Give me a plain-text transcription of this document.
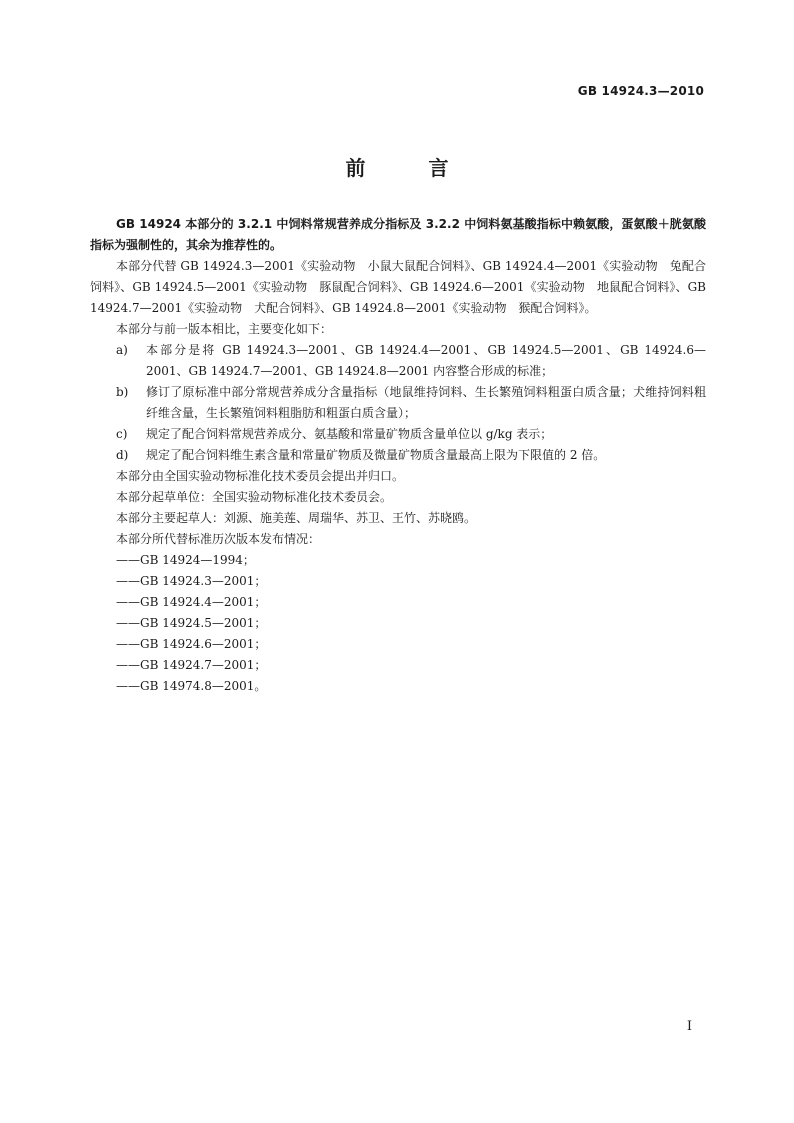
GB 14924.3—2010
前 言

GB 14924 本部分的 3.2.1 中饲料常规营养成分指标及 3.2.2 中饲料氨基酸指标中赖氨酸，蛋氨酸＋胱氨酸指标为强制性的，其余为推荐性的。

本部分代替 GB 14924.3—2001《实验动物　小鼠大鼠配合饲料》、GB 14924.4—2001《实验动物　兔配合饲料》、GB 14924.5—2001《实验动物　豚鼠配合饲料》、GB 14924.6—2001《实验动物　地鼠配合饲料》、GB 14924.7—2001《实验动物　犬配合饲料》、GB 14924.8—2001《实验动物　猴配合饲料》。

本部分与前一版本相比，主要变化如下：

a)	本部分是将 GB 14924.3—2001、GB 14924.4—2001、GB 14924.5—2001、GB 14924.6—2001、GB 14924.7—2001、GB 14924.8—2001 内容整合形成的标准；
b)	修订了原标准中部分常规营养成分含量指标（地鼠维持饲料、生长繁殖饲料粗蛋白质含量；犬维持饲料粗纤维含量，生长繁殖饲料粗脂肪和粗蛋白质含量）；
c)	规定了配合饲料常规营养成分、氨基酸和常量矿物质含量单位以 g/kg 表示；
d)	规定了配合饲料维生素含量和常量矿物质及微量矿物质含量最高上限为下限值的 2 倍。

本部分由全国实验动物标准化技术委员会提出并归口。

本部分起草单位：全国实验动物标准化技术委员会。

本部分主要起草人：刘源、施美莲、周瑞华、苏卫、王竹、苏晓鸥。

本部分所代替标准历次版本发布情况：

——GB 14924—1994；

——GB 14924.3—2001；

——GB 14924.4—2001；

——GB 14924.5—2001；

——GB 14924.6—2001；

——GB 14924.7—2001；

——GB 14974.8—2001。

I
